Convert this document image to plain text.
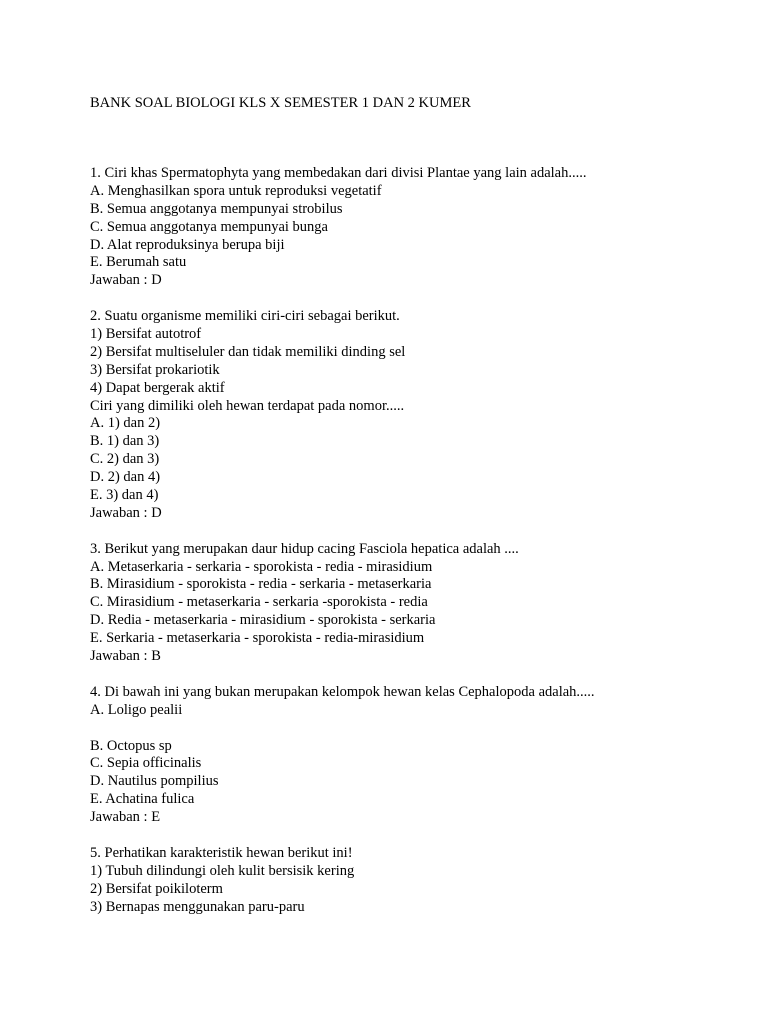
BANK SOAL BIOLOGI KLS X SEMESTER 1 DAN 2 KUMER
1. Ciri khas Spermatophyta yang membedakan dari divisi Plantae yang lain adalah.....
A. Menghasilkan spora untuk reproduksi vegetatif
B. Semua anggotanya mempunyai strobilus
C. Semua anggotanya mempunyai bunga
D. Alat reproduksinya berupa biji
E. Berumah satu
Jawaban : D
2. Suatu organisme memiliki ciri-ciri sebagai berikut.
1) Bersifat autotrof
2) Bersifat multiseluler dan tidak memiliki dinding sel
3) Bersifat prokariotik
4) Dapat bergerak aktif
Ciri yang dimiliki oleh hewan terdapat pada nomor.....
A. 1) dan 2)
B. 1) dan 3)
C. 2) dan 3)
D. 2) dan 4)
E. 3) dan 4)
Jawaban : D
3. Berikut yang merupakan daur hidup cacing Fasciola hepatica adalah ....
A. Metaserkaria - serkaria - sporokista - redia - mirasidium
B. Mirasidium - sporokista - redia - serkaria - metaserkaria
C. Mirasidium - metaserkaria - serkaria -sporokista - redia
D. Redia - metaserkaria - mirasidium - sporokista - serkaria
E. Serkaria - metaserkaria - sporokista - redia-mirasidium
Jawaban : B
4. Di bawah ini yang bukan merupakan kelompok hewan kelas Cephalopoda adalah.....
A. Loligo pealii
B. Octopus sp
C. Sepia officinalis
D. Nautilus pompilius
E. Achatina fulica
Jawaban : E
5. Perhatikan karakteristik hewan berikut ini!
1) Tubuh dilindungi oleh kulit bersisik kering
2) Bersifat poikiloterm
3) Bernapas menggunakan paru-paru
